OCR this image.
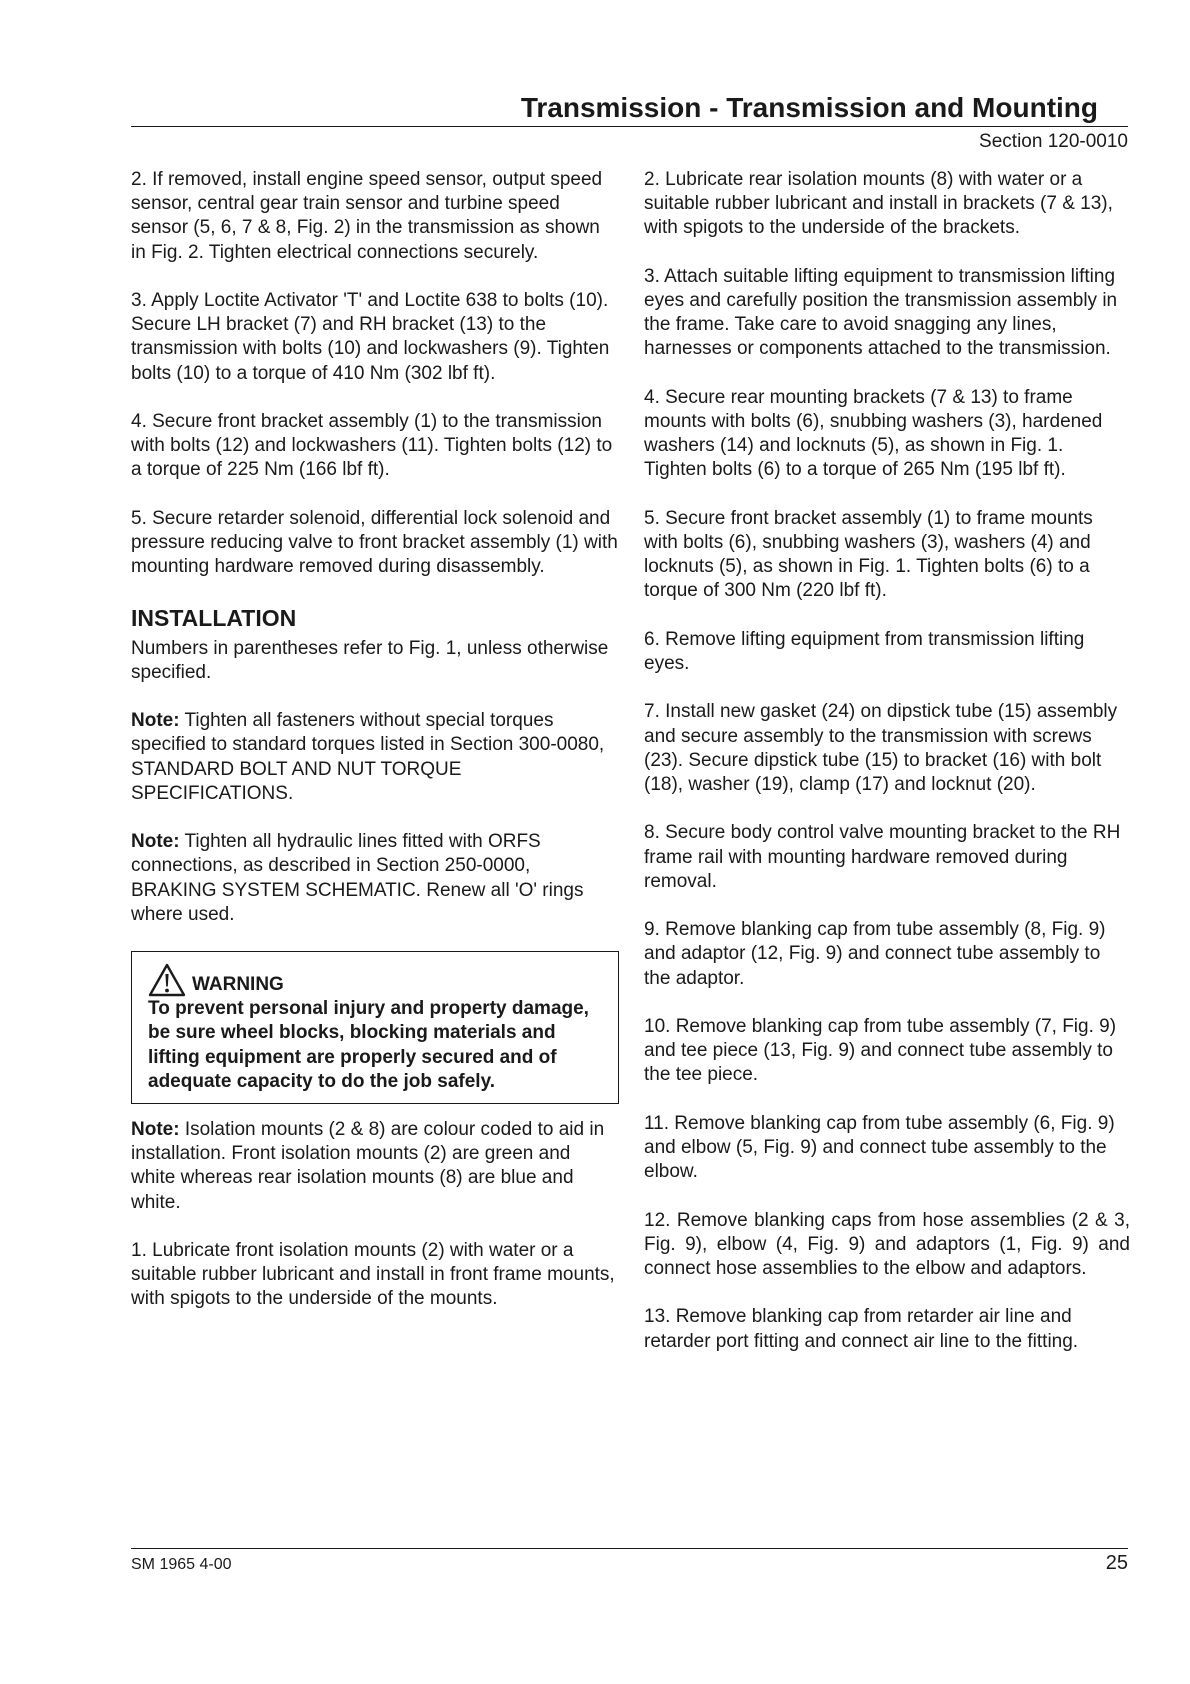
Transmission - Transmission and Mounting
Section 120-0010

2. If removed, install engine speed sensor, output speed sensor, central gear train sensor and turbine speed sensor (5, 6, 7 & 8, Fig. 2) in the transmission as shown in Fig. 2. Tighten electrical connections securely.

3. Apply Loctite Activator 'T' and Loctite 638 to bolts (10). Secure LH bracket (7) and RH bracket (13) to the transmission with bolts (10) and lockwashers (9). Tighten bolts (10) to a torque of 410 Nm (302 lbf ft).

4. Secure front bracket assembly (1) to the transmission with bolts (12) and lockwashers (11). Tighten bolts (12) to a torque of 225 Nm (166 lbf ft).

5. Secure retarder solenoid, differential lock solenoid and pressure reducing valve to front bracket assembly (1) with mounting hardware removed during disassembly.

INSTALLATION

Numbers in parentheses refer to Fig. 1, unless otherwise specified.

Note: Tighten all fasteners without special torques specified to standard torques listed in Section 300-0080, STANDARD BOLT AND NUT TORQUE SPECIFICATIONS.

Note: Tighten all hydraulic lines fitted with ORFS connections, as described in Section 250-0000, BRAKING SYSTEM SCHEMATIC. Renew all 'O' rings where used.

WARNING
To prevent personal injury and property damage, be sure wheel blocks, blocking materials and lifting equipment are properly secured and of adequate capacity to do the job safely.

Note: Isolation mounts (2 & 8) are colour coded to aid in installation. Front isolation mounts (2) are green and white whereas rear isolation mounts (8) are blue and white.

1. Lubricate front isolation mounts (2) with water or a suitable rubber lubricant and install in front frame mounts, with spigots to the underside of the mounts.

2. Lubricate rear isolation mounts (8) with water or a suitable rubber lubricant and install in brackets (7 & 13), with spigots to the underside of the brackets.

3. Attach suitable lifting equipment to transmission lifting eyes and carefully position the transmission assembly in the frame. Take care to avoid snagging any lines, harnesses or components attached to the transmission.

4. Secure rear mounting brackets (7 & 13) to frame mounts with bolts (6), snubbing washers (3), hardened washers (14) and locknuts (5), as shown in Fig. 1. Tighten bolts (6) to a torque of 265 Nm (195 lbf ft).

5. Secure front bracket assembly (1) to frame mounts with bolts (6), snubbing washers (3), washers (4) and locknuts (5), as shown in Fig. 1. Tighten bolts (6) to a torque of 300 Nm (220 lbf ft).

6. Remove lifting equipment from transmission lifting eyes.

7. Install new gasket (24) on dipstick tube (15) assembly and secure assembly to the transmission with screws (23). Secure dipstick tube (15) to bracket (16) with bolt (18), washer (19), clamp (17) and locknut (20).

8. Secure body control valve mounting bracket to the RH frame rail with mounting hardware removed during removal.

9. Remove blanking cap from tube assembly (8, Fig. 9) and adaptor (12, Fig. 9) and connect tube assembly to the adaptor.

10. Remove blanking cap from tube assembly (7, Fig. 9) and tee piece (13, Fig. 9) and connect tube assembly to the tee piece.

11. Remove blanking cap from tube assembly (6, Fig. 9) and elbow (5, Fig. 9) and connect tube assembly to the elbow.

12. Remove blanking caps from hose assemblies (2 & 3, Fig. 9), elbow (4, Fig. 9) and adaptors (1, Fig. 9) and connect hose assemblies to the elbow and adaptors.

13. Remove blanking cap from retarder air line and retarder port fitting and connect air line to the fitting.

SM 1965 4-00	25
